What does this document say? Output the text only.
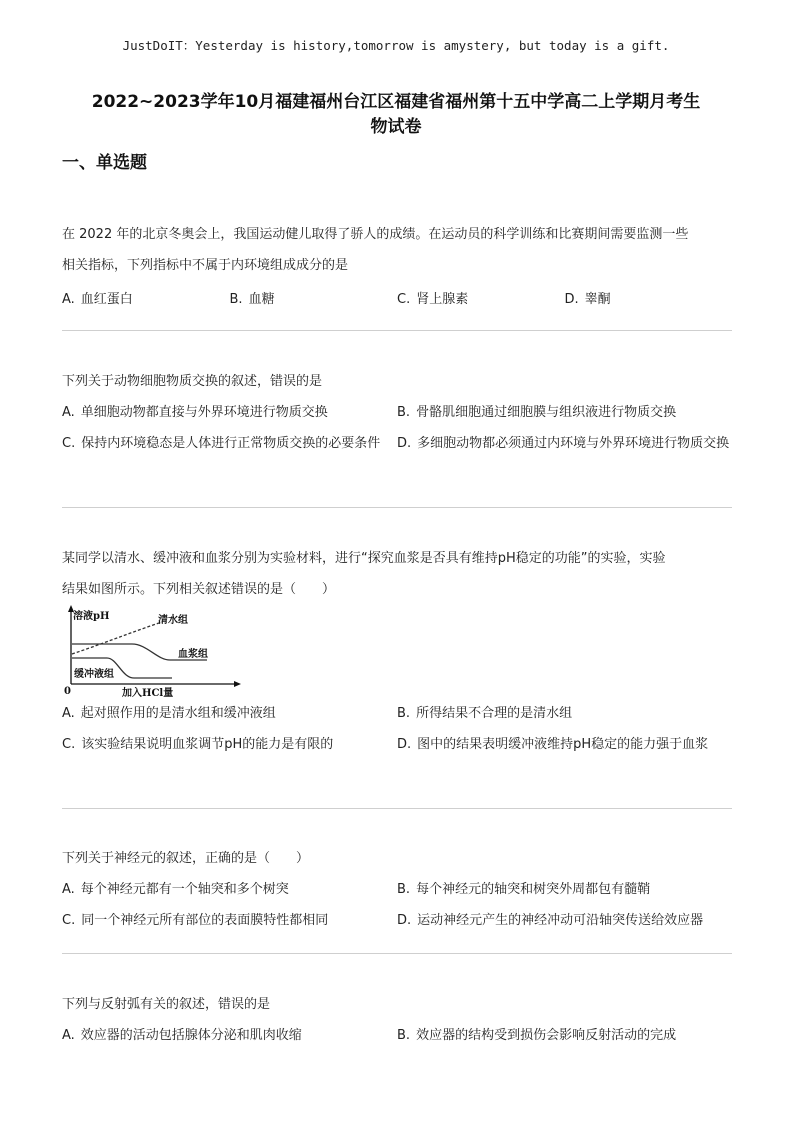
JustDoIT：Yesterday is history,tomorrow is amystery, but today is a gift.
2022~2023学年10月福建福州台江区福建省福州第十五中学高二上学期月考生
物试卷
一、单选题
在 2022 年的北京冬奥会上，我国运动健儿取得了骄人的成绩。在运动员的科学训练和比赛期间需要监测一些
相关指标，下列指标中不属于内环境组成成分的是
A. 血红蛋白	B. 血糖	C. 肾上腺素	D. 睾酮
下列关于动物细胞物质交换的叙述，错误的是
A. 单细胞动物都直接与外界环境进行物质交换	B. 骨骼肌细胞通过细胞膜与组织液进行物质交换
C. 保持内环境稳态是人体进行正常物质交换的必要条件 D. 多细胞动物都必须通过内环境与外界环境进行物质交换
某同学以清水、缓冲液和血浆分别为实验材料，进行“探究血浆是否具有维持pH稳定的功能”的实验，实验
结果如图所示。下列相关叙述错误的是（　　）
溶液pH
加入HCl量
0
清水组
血浆组
缓冲液组
A. 起对照作用的是清水组和缓冲液组	B. 所得结果不合理的是清水组
C. 该实验结果说明血浆调节pH的能力是有限的	D. 图中的结果表明缓冲液维持pH稳定的能力强于血浆
下列关于神经元的叙述，正确的是（　　）
A. 每个神经元都有一个轴突和多个树突	B. 每个神经元的轴突和树突外周都包有髓鞘
C. 同一个神经元所有部位的表面膜特性都相同	D. 运动神经元产生的神经冲动可沿轴突传送给效应器
下列与反射弧有关的叙述，错误的是
A. 效应器的活动包括腺体分泌和肌肉收缩	B. 效应器的结构受到损伤会影响反射活动的完成
